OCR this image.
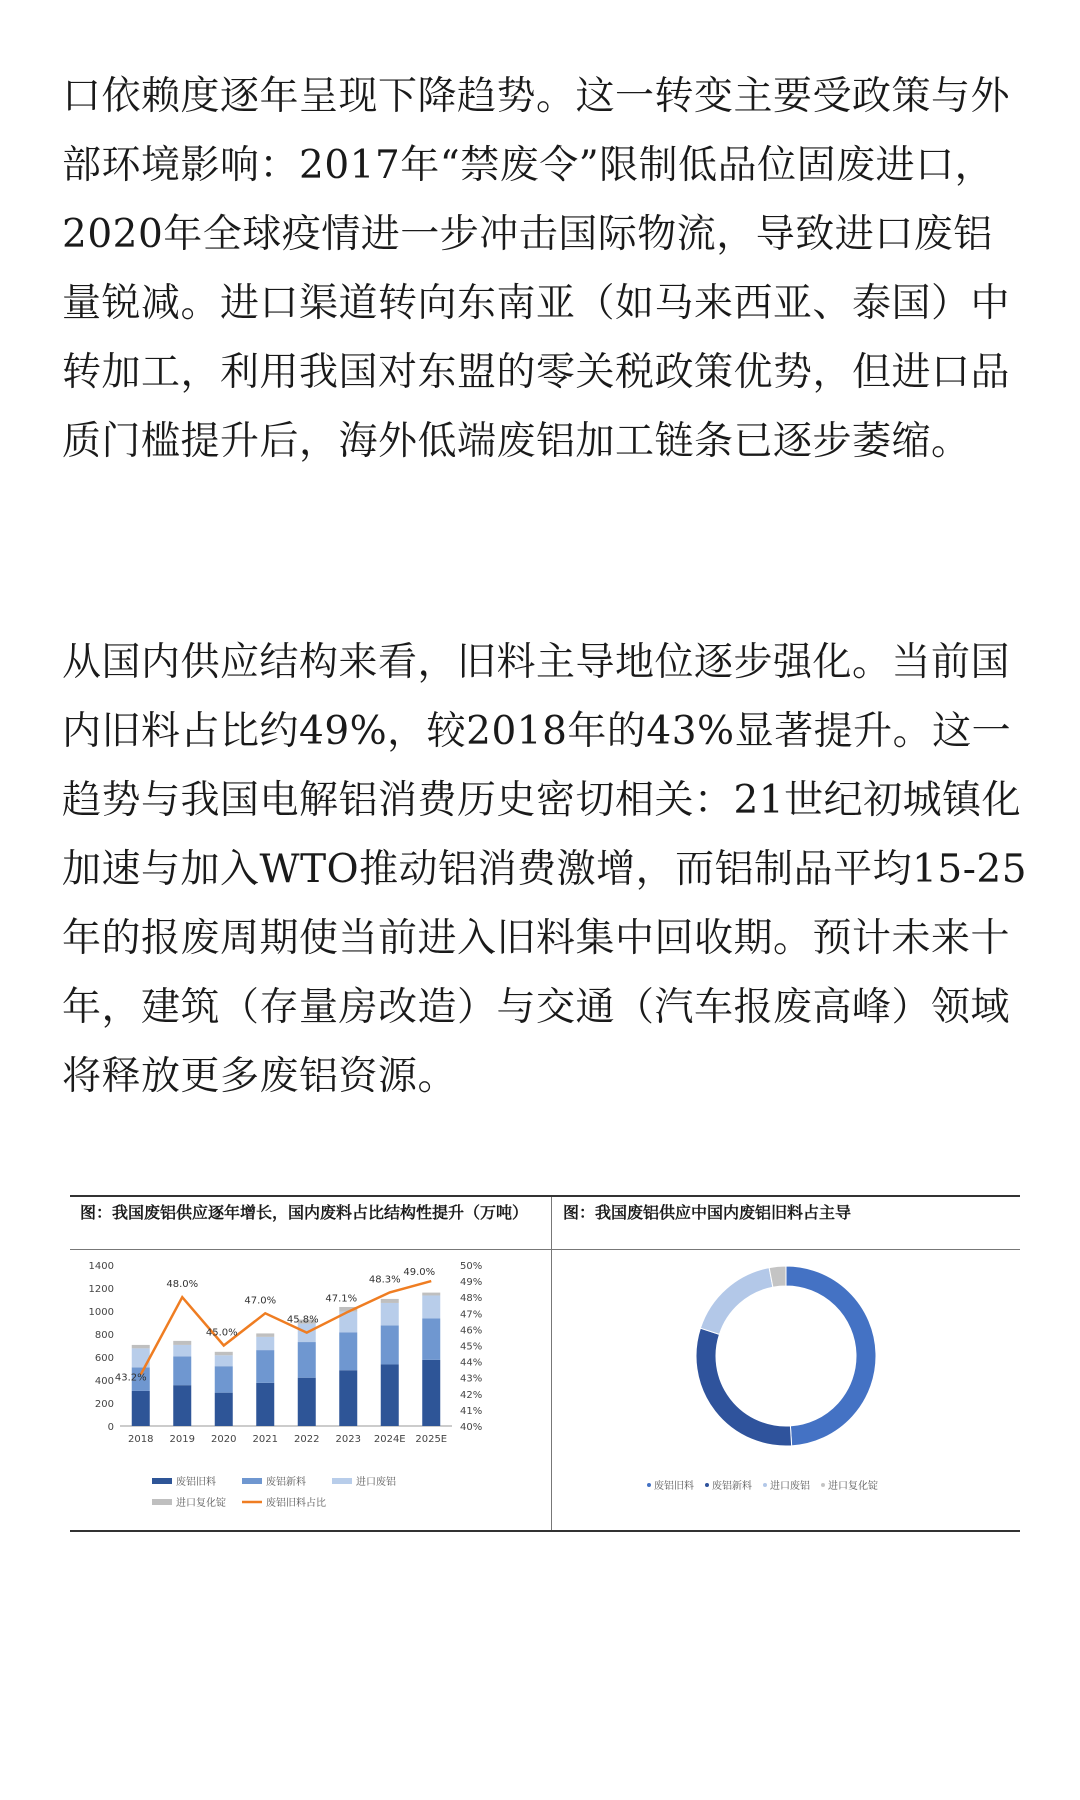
口依赖度逐年呈现下降趋势。这一转变主要受政策与外部环境影响：2017年“禁废令”限制低品位固废进口，2020年全球疫情进一步冲击国际物流，导致进口废铝量锐减。进口渠道转向东南亚（如马来西亚、泰国）中转加工，利用我国对东盟的零关税政策优势，但进口品质门槛提升后，海外低端废铝加工链条已逐步萎缩。

从国内供应结构来看，旧料主导地位逐步强化。当前国内旧料占比约49%，较2018年的43%显著提升。这一趋势与我国电解铝消费历史密切相关：21世纪初城镇化加速与加入WTO推动铝消费激增，而铝制品平均15-25年的报废周期使当前进入旧料集中回收期。预计未来十年，建筑（存量房改造）与交通（汽车报废高峰）领域将释放更多废铝资源。

图：我国废铝供应逐年增长，国内废料占比结构性提升（万吨）	图：我国废铝供应中国内废铝旧料占主导
0
200
400
600
800
1000
1200
1400
40%
41%
42%
43%
44%
45%
46%
47%
48%
49%
50%
2018 2019 2020 2021 2022 2023 2024E 2025E
43.2%
48.0%
45.0%
47.0%
45.8%
47.1%
48.3%
49.0%
废铝旧料	废铝新料	进口废铝
进口复化锭	废铝旧料占比
废铝旧料 废铝新料 进口废铝 进口复化锭
